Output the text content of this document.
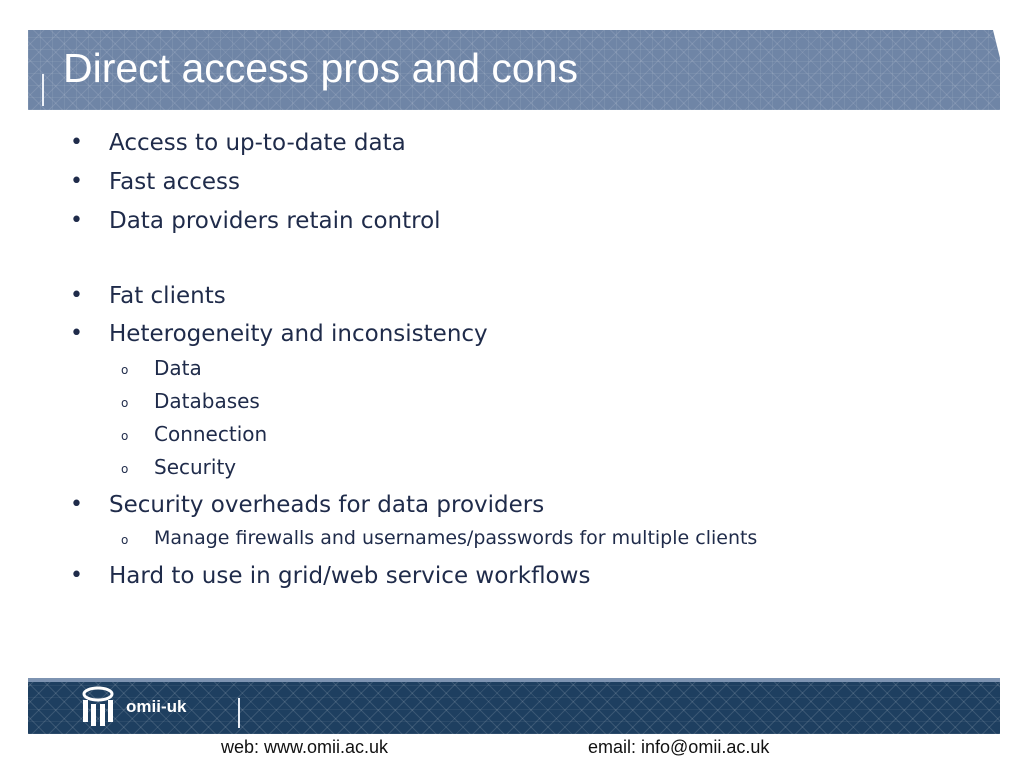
Direct access pros and cons
• Access to up-to-date data
• Fast access
• Data providers retain control
• Fat clients
• Heterogeneity and inconsistency
o Data
o Databases
o Connection
o Security
• Security overheads for data providers
o Manage firewalls and usernames/passwords for multiple clients
• Hard to use in grid/web service workflows
omii-uk
web: www.omii.ac.uk	email: info@omii.ac.uk
